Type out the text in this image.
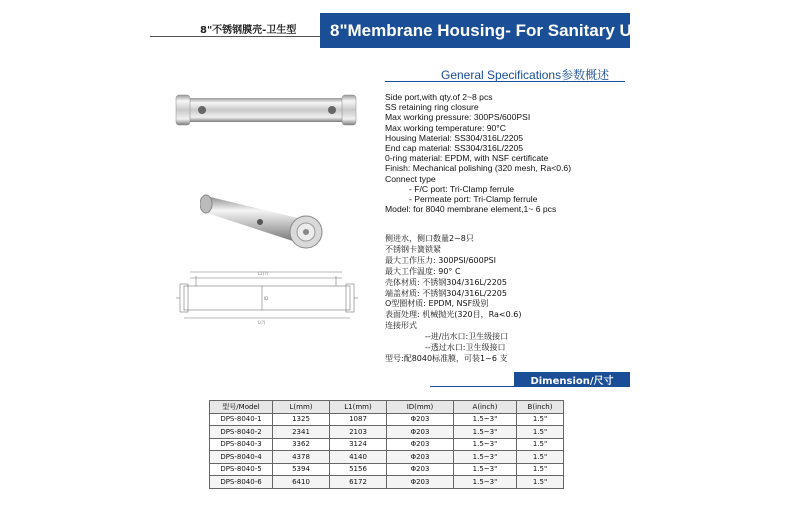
8"不锈钢膜壳-卫生型 8"Membrane Housing- For Sanitary Use
L1(?)
L(?)
ID
General Specifications参数概述
Side port,with qty.of 2~8 pcs
SS retaining ring closure
Max working pressure: 300PS/600PSI
Max working temperature: 90°C
Housing Material: SS304/316L/2205
End cap material: SS304/316L/2205
0-ring material: EPDM, with NSF certificate
Finish: Mechanical polishing (320 mesh, Ra<0.6)
Connect type
- F/C port: Tri-Clamp ferrule
- Permeate port: Tri-Clamp ferrule
Model: for 8040 membrane element,1~ 6 pcs
侧进水，侧口数量2~8只
不锈钢卡簧锁紧
最大工作压力: 300PSI/600PSI
最大工作温度: 90° C
壳体材质: 不锈钢304/316L/2205
端盖材质: 不锈钢304/316L/2205
O型圈材质: EPDM, NSF级别
表面处理: 机械抛光(320目，Ra<0.6)
连接形式
--进/出水口:卫生级接口
--透过水口:卫生级接口
型号:配8040标准膜，可装1~6 支
Dimension/尺寸
型号/Model	L(mm)	L1(mm)	ID(mm)	A(inch)	B(inch)
DPS-8040-1	1325	1087	Φ203	1.5~3"	1.5"
DPS-8040-2	2341	2103	Φ203	1.5~3"	1.5"
DPS-8040-3	3362	3124	Φ203	1.5~3"	1.5"
DPS-8040-4	4378	4140	Φ203	1.5~3"	1.5"
DPS-8040-5	5394	5156	Φ203	1.5~3"	1.5"
DPS-8040-6	6410	6172	Φ203	1.5~3"	1.5"
